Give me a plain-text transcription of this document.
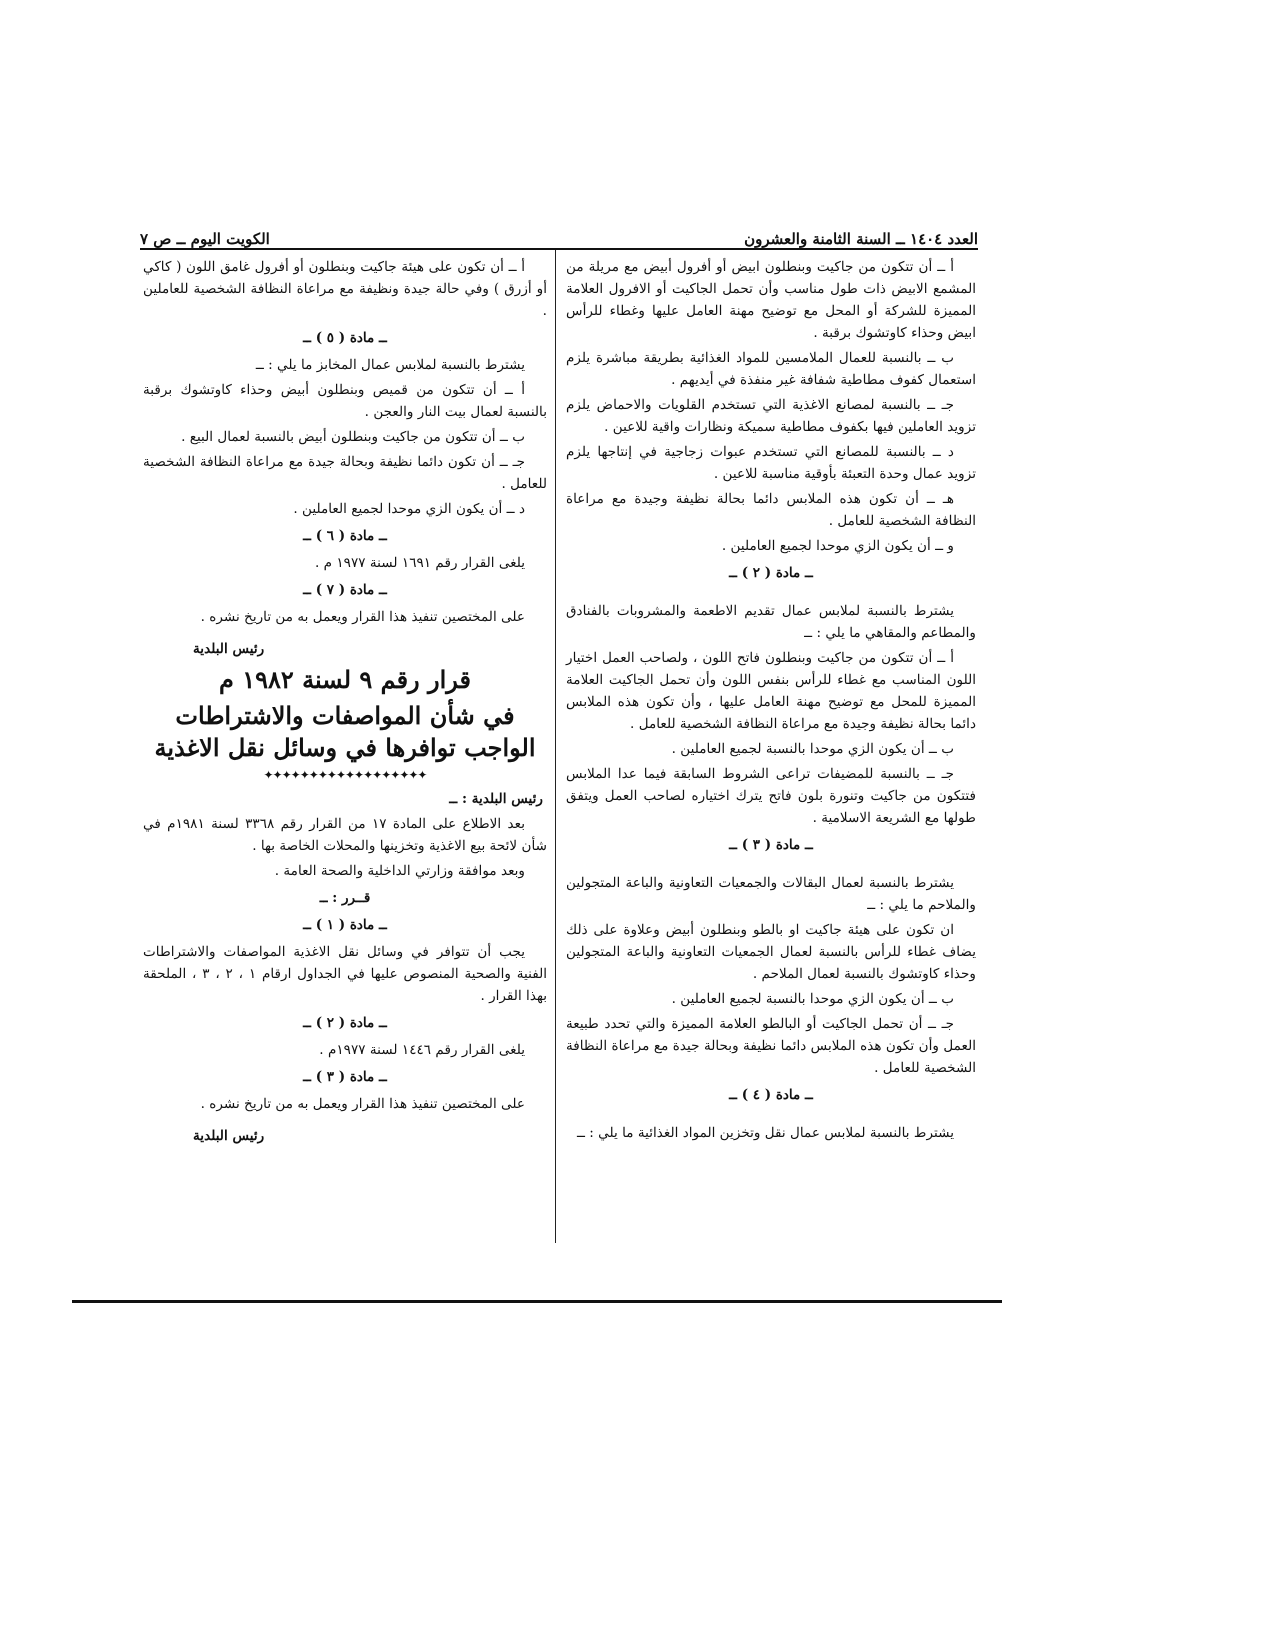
العدد ١٤٠٤ ــ السنة الثامنة والعشرون
الكويت اليوم ــ ص ٧

أ ــ أن تتكون من جاكيت وبنطلون ابيض أو أفرول أبيض مع مريلة من المشمع الابيض ذات طول مناسب وأن تحمل الجاكيت أو الافرول العلامة المميزة للشركة أو المحل مع توضيح مهنة العامل عليها وغطاء للرأس ابيض وحذاء كاوتشوك برقبة .

ب ــ بالنسبة للعمال الملامسين للمواد الغذائية بطريقة مباشرة يلزم استعمال كفوف مطاطية شفافة غير منفذة في أيديهم .

جـ ــ بالنسبة لمصانع الاغذية التي تستخدم القلويات والاحماض يلزم تزويد العاملين فيها بكفوف مطاطية سميكة ونظارات واقية للاعين .

د ــ بالنسبة للمصانع التي تستخدم عبوات زجاجية في إنتاجها يلزم تزويد عمال وحدة التعبئة بأوقية مناسبة للاعين .

هـ ــ أن تكون هذه الملابس دائما بحالة نظيفة وجيدة مع مراعاة النظافة الشخصية للعامل .

و ــ أن يكون الزي موحدا لجميع العاملين .

ــ مادة ( ٢ ) ــ

يشترط بالنسبة لملابس عمال تقديم الاطعمة والمشروبات بالفنادق والمطاعم والمقاهي ما يلي : ــ

أ ــ أن تتكون من جاكيت وبنطلون فاتح اللون ، ولصاحب العمل اختيار اللون المناسب مع غطاء للرأس بنفس اللون وأن تحمل الجاكيت العلامة المميزة للمحل مع توضيح مهنة العامل عليها ، وأن تكون هذه الملابس دائما بحالة نظيفة وجيدة مع مراعاة النظافة الشخصية للعامل .

ب ــ أن يكون الزي موحدا بالنسبة لجميع العاملين .

جـ ــ بالنسبة للمضيفات تراعى الشروط السابقة فيما عدا الملابس فتتكون من جاكيت وتنورة بلون فاتح يترك اختياره لصاحب العمل ويتفق طولها مع الشريعة الاسلامية .

ــ مادة ( ٣ ) ــ

يشترط بالنسبة لعمال البقالات والجمعيات التعاونية والباعة المتجولين والملاحم ما يلي : ــ

ان تكون على هيئة جاكيت او بالطو وبنطلون أبيض وعلاوة على ذلك يضاف غطاء للرأس بالنسبة لعمال الجمعيات التعاونية والباعة المتجولين وحذاء كاوتشوك بالنسبة لعمال الملاحم .

ب ــ أن يكون الزي موحدا بالنسبة لجميع العاملين .

جـ ــ أن تحمل الجاكيت أو البالطو العلامة المميزة والتي تحدد طبيعة العمل وأن تكون هذه الملابس دائما نظيفة وبحالة جيدة مع مراعاة النظافة الشخصية للعامل .

ــ مادة ( ٤ ) ــ

يشترط بالنسبة لملابس عمال نقل وتخزين المواد الغذائية ما يلي : ــ

أ ــ أن تكون على هيئة جاكيت وبنطلون أو أفرول غامق اللون ( كاكي أو أزرق ) وفي حالة جيدة ونظيفة مع مراعاة النظافة الشخصية للعاملين .

ــ مادة ( ٥ ) ــ

يشترط بالنسبة لملابس عمال المخابز ما يلي : ــ

أ ــ أن تتكون من قميص وبنطلون أبيض وحذاء كاوتشوك برقبة بالنسبة لعمال بيت النار والعجن .

ب ــ أن تتكون من جاكيت وبنطلون أبيض بالنسبة لعمال البيع .

جـ ــ أن تكون دائما نظيفة وبحالة جيدة مع مراعاة النظافة الشخصية للعامل .

د ــ أن يكون الزي موحدا لجميع العاملين .

ــ مادة ( ٦ ) ــ

يلغى القرار رقم ١٦٩١ لسنة ١٩٧٧ م .

ــ مادة ( ٧ ) ــ

على المختصين تنفيذ هذا القرار ويعمل به من تاريخ نشره .

رئيس البلدية
قرار رقم ٩ لسنة ١٩٨٢ م
في شأن المواصفات والاشتراطات الواجب توافرها في وسائل نقل الاغذية
✦✦✦✦✦✦✦✦✦✦✦✦✦✦✦✦✦✦

رئيس البلدية : ــ

بعد الاطلاع على المادة ١٧ من القرار رقم ٣٣٦٨ لسنة ١٩٨١م في شأن لائحة بيع الاغذية وتخزينها والمحلات الخاصة بها .

وبعد موافقة وزارتي الداخلية والصحة العامة .

قــرر : ــ
ــ مادة ( ١ ) ــ

يجب أن تتوافر في وسائل نقل الاغذية المواصفات والاشتراطات الفنية والصحية المنصوص عليها في الجداول ارقام ١ ، ٢ ، ٣ ، الملحقة بهذا القرار .

ــ مادة ( ٢ ) ــ

يلغى القرار رقم ١٤٤٦ لسنة ١٩٧٧م .

ــ مادة ( ٣ ) ــ

على المختصين تنفيذ هذا القرار ويعمل به من تاريخ نشره .

رئيس البلدية
